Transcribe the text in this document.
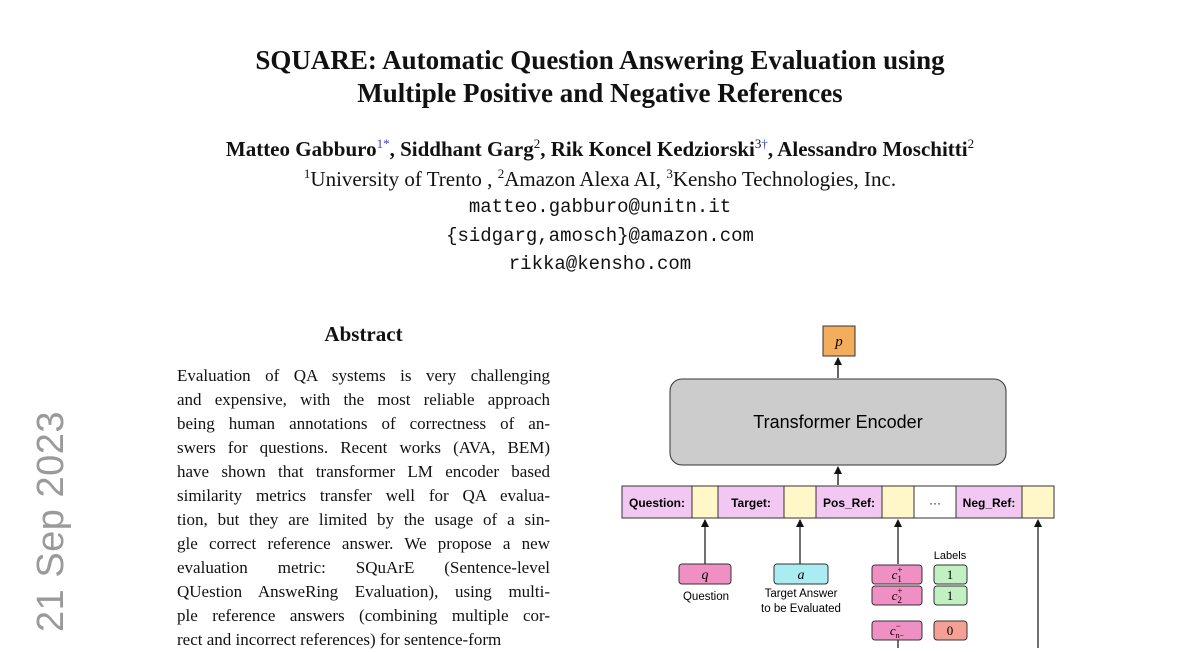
SQUARE: Automatic Question Answering Evaluation using
Multiple Positive and Negative References
Matteo Gabburo$^{1*}$, Siddhant Garg$^2$, Rik Koncel Kedziorski$^{3\dagger}$, Alessandro Moschitti$^2$
$^1$University of Trento , $^2$Amazon Alexa AI, $^3$Kensho Technologies, Inc.
matteo.gabburo@unitn.it
{sidgarg,amosch}@amazon.com
rikka@kensho.com
21 Sep 2023
Abstract
Evaluation of QA systems is very challenging
and expensive, with the most reliable approach
being human annotations of correctness of an-
swers for questions. Recent works (AVA, BEM)
have shown that transformer LM encoder based
similarity metrics transfer well for QA evalua-
tion, but they are limited by the usage of a sin-
gle correct reference answer. We propose a new
evaluation metric: SQuArE (Sentence-level
QUestion AnsweRing Evaluation), using multi-
ple reference answers (combining multiple cor-
rect and incorrect references) for sentence-form
p
Transformer Encoder
Question:	Target:	Pos_Ref:	··· Neg_Ref:
q
Question
a
Target Answer
to be Evaluated
Labels
c+ 1	1
c+ 2	1
c− n−	0
